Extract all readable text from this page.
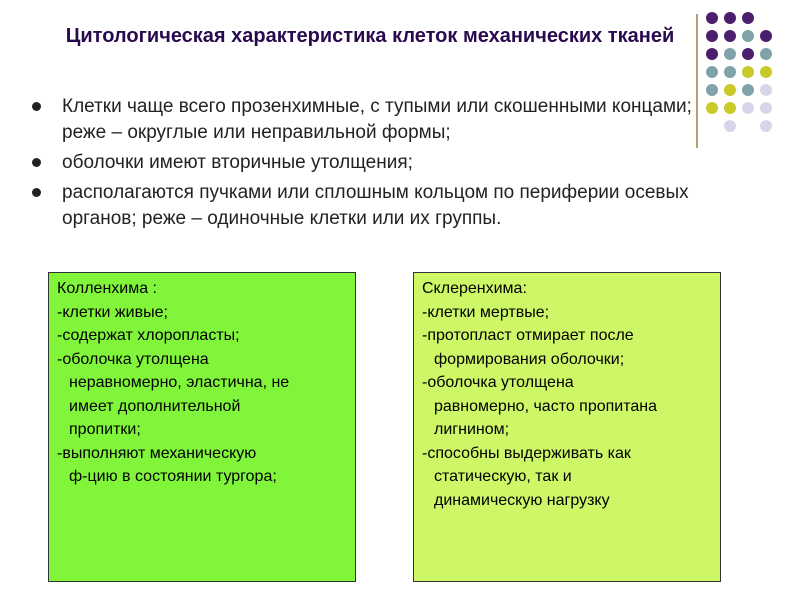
Цитологическая характеристика клеток механических тканей
Клетки чаще всего прозенхимные, с тупыми или скошенными концами; реже – округлые или неправильной формы;
оболочки имеют вторичные утолщения;
располагаются пучками или сплошным кольцом по периферии осевых органов; реже – одиночные клетки или их группы.
Колленхима :
-клетки живые;
-содержат хлоропласты;
-оболочка утолщена
неравномерно, эластична, не
имеет дополнительной
пропитки;
-выполняют механическую
ф-цию в состоянии тургора;
Склеренхима:
-клетки мертвые;
-протопласт отмирает после
формирования оболочки;
-оболочка утолщена
равномерно, часто пропитана
лигнином;
-способны выдерживать как
статическую, так и
динамическую нагрузку
